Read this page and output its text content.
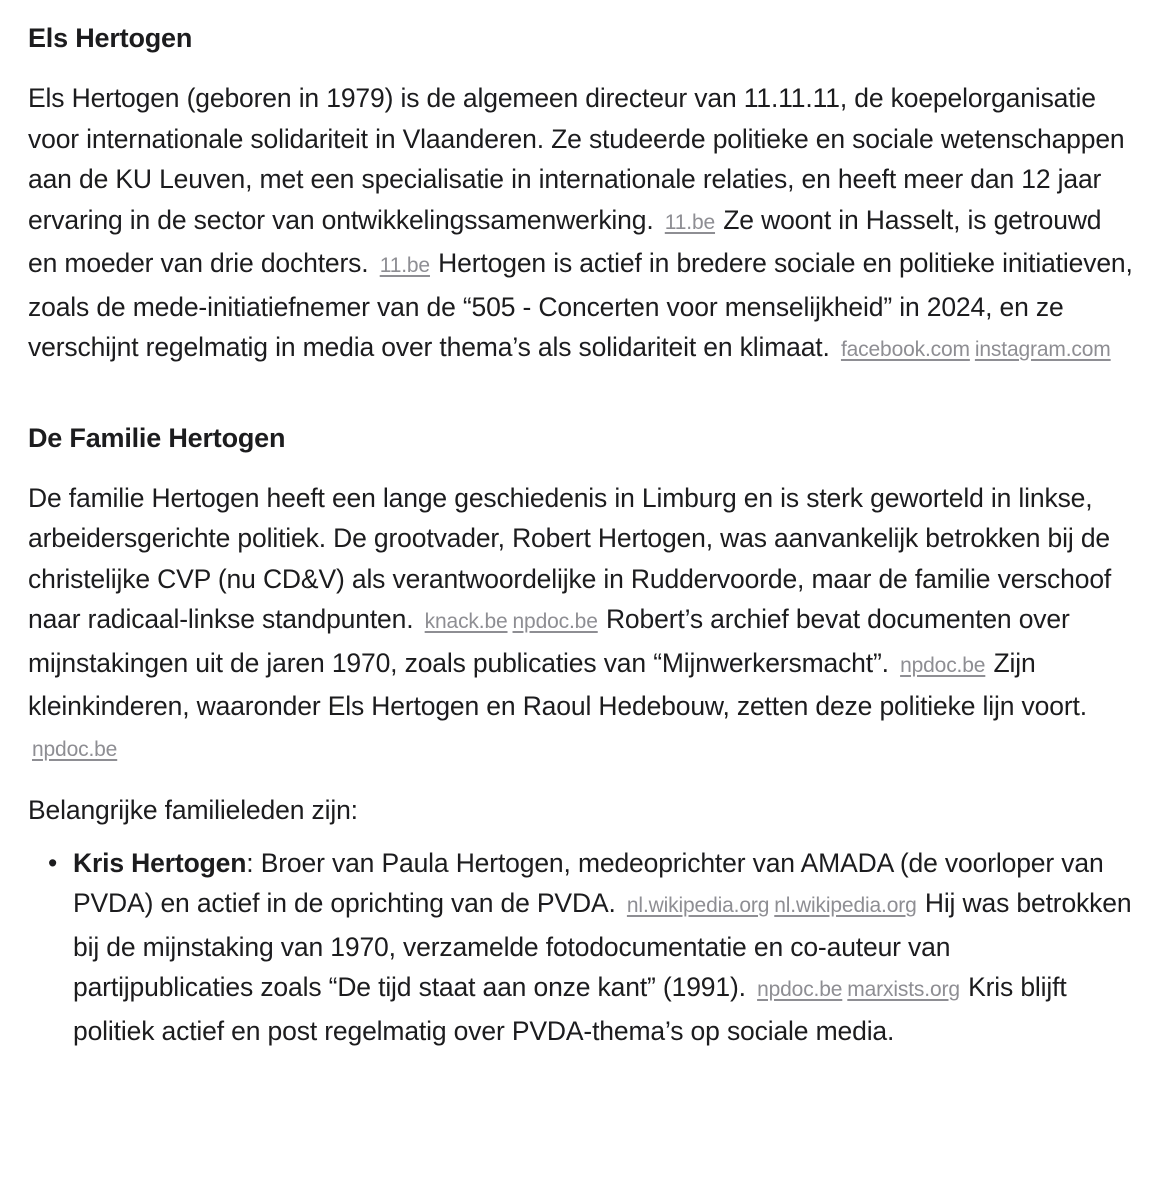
Els Hertogen

Els Hertogen (geboren in 1979) is de algemeen directeur van 11.11.11, de koepelorganisatie voor internationale solidariteit in Vlaanderen. Ze studeerde politieke en sociale wetenschappen aan de KU Leuven, met een specialisatie in internationale relaties, en heeft meer dan 12 jaar ervaring in de sector van ontwikkelingssamenwerking. 11.be Ze woont in Hasselt, is getrouwd en moeder van drie dochters. 11.be Hertogen is actief in bredere sociale en politieke initiatieven, zoals de mede-initiatiefnemer van de “505 - Concerten voor menselijkheid” in 2024, en ze verschijnt regelmatig in media over thema’s als solidariteit en klimaat. facebook.com instagram.com

De Familie Hertogen

De familie Hertogen heeft een lange geschiedenis in Limburg en is sterk geworteld in linkse, arbeidersgerichte politiek. De grootvader, Robert Hertogen, was aanvankelijk betrokken bij de christelijke CVP (nu CD&V) als verantwoordelijke in Ruddervoorde, maar de familie verschoof naar radicaal-linkse standpunten. knack.be npdoc.be Robert’s archief bevat documenten over mijnstakingen uit de jaren 1970, zoals publicaties van “Mijnwerkersmacht”. npdoc.be Zijn kleinkinderen, waaronder Els Hertogen en Raoul Hedebouw, zetten deze politieke lijn voort. npdoc.be

Belangrijke familieleden zijn:

• Kris Hertogen: Broer van Paula Hertogen, medeoprichter van AMADA (de voorloper van PVDA) en actief in de oprichting van de PVDA. nl.wikipedia.org nl.wikipedia.org Hij was betrokken bij de mijnstaking van 1970, verzamelde fotodocumentatie en co-auteur van partijpublicaties zoals “De tijd staat aan onze kant” (1991). npdoc.be marxists.org Kris blijft politiek actief en post regelmatig over PVDA-thema’s op sociale media.
